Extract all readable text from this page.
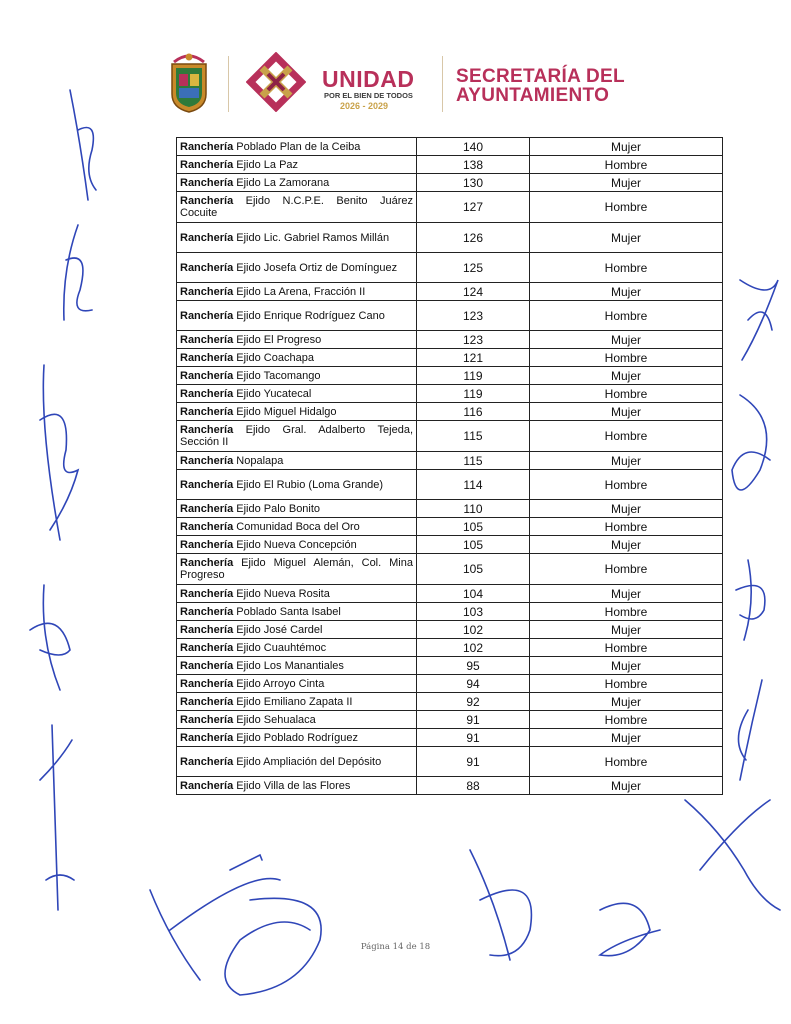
UNIDAD
POR EL BIEN DE TODOS
2026 - 2029
SECRETARÍA DEL
AYUNTAMIENTO
Ranchería Poblado Plan de la Ceiba	140	Mujer
Ranchería Ejido La Paz	138	Hombre
Ranchería Ejido La Zamorana	130	Mujer
Ranchería Ejido N.C.P.E. Benito Juárez Cocuite	127	Hombre
Ranchería Ejido Lic. Gabriel Ramos Millán	126	Mujer
Ranchería Ejido Josefa Ortiz de Domínguez	125	Hombre
Ranchería Ejido La Arena, Fracción II	124	Mujer
Ranchería Ejido Enrique Rodríguez Cano	123	Hombre
Ranchería Ejido El Progreso	123	Mujer
Ranchería Ejido Coachapa	121	Hombre
Ranchería Ejido Tacomango	119	Mujer
Ranchería Ejido Yucatecal	119	Hombre
Ranchería Ejido Miguel Hidalgo	116	Mujer
Ranchería Ejido Gral. Adalberto Tejeda, Sección II	115	Hombre
Ranchería Nopalapa	115	Mujer
Ranchería Ejido El Rubio (Loma Grande)	114	Hombre
Ranchería Ejido Palo Bonito	110	Mujer
Ranchería Comunidad Boca del Oro	105	Hombre
Ranchería Ejido Nueva Concepción	105	Mujer
Ranchería Ejido Miguel Alemán, Col. Mina Progreso	105	Hombre
Ranchería Ejido Nueva Rosita	104	Mujer
Ranchería Poblado Santa Isabel	103	Hombre
Ranchería Ejido José Cardel	102	Mujer
Ranchería Ejido Cuauhtémoc	102	Hombre
Ranchería Ejido Los Manantiales	95	Mujer
Ranchería Ejido Arroyo Cinta	94	Hombre
Ranchería Ejido Emiliano Zapata II	92	Mujer
Ranchería Ejido Sehualaca	91	Hombre
Ranchería Ejido Poblado Rodríguez	91	Mujer
Ranchería Ejido Ampliación del Depósito	91	Hombre
Ranchería Ejido Villa de las Flores	88	Mujer
Página 14 de 18
